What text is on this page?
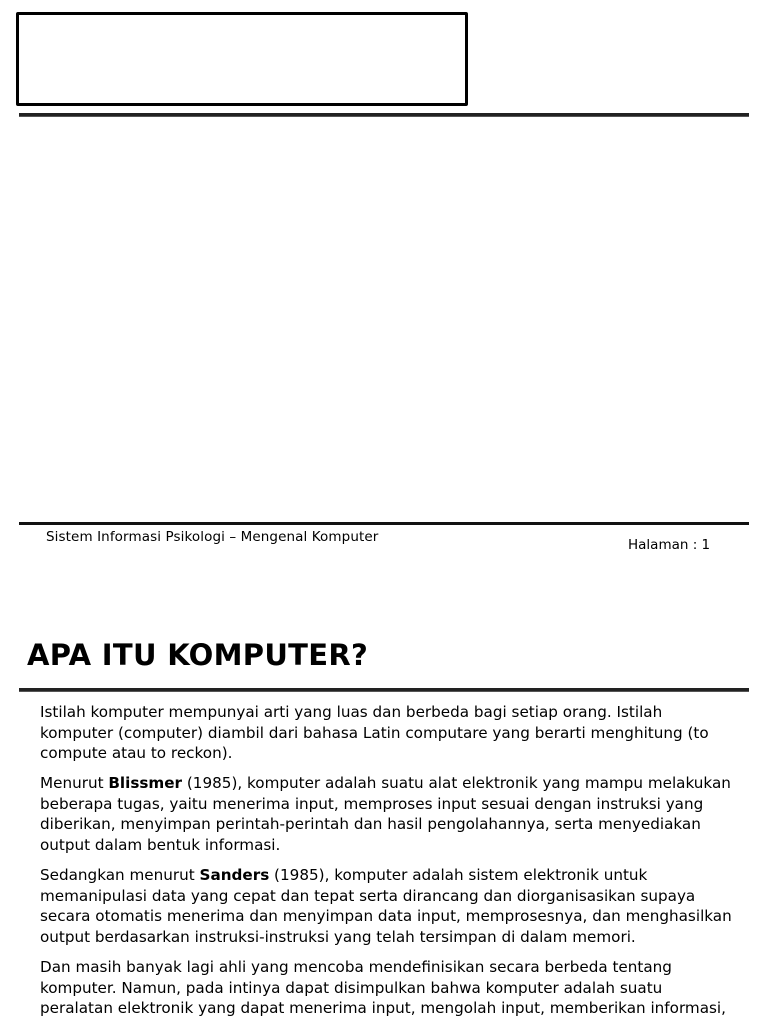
Sistem Informasi Psikologi – Mengenal Komputer	Halaman : 1
APA ITU KOMPUTER?

Istilah komputer mempunyai arti yang luas dan berbeda bagi setiap orang. Istilah komputer (computer) diambil dari bahasa Latin computare yang berarti menghitung (to compute atau to reckon).

Menurut Blissmer (1985), komputer adalah suatu alat elektronik yang mampu melakukan beberapa tugas, yaitu menerima input, memproses input sesuai dengan instruksi yang diberikan, menyimpan perintah-perintah dan hasil pengolahannya, serta menyediakan output dalam bentuk informasi.

Sedangkan menurut Sanders (1985), komputer adalah sistem elektronik untuk memanipulasi data yang cepat dan tepat serta dirancang dan diorganisasikan supaya secara otomatis menerima dan menyimpan data input, memprosesnya, dan menghasilkan output berdasarkan instruksi-instruksi yang telah tersimpan di dalam memori.

Dan masih banyak lagi ahli yang mencoba mendefinisikan secara berbeda tentang komputer. Namun, pada intinya dapat disimpulkan bahwa komputer adalah suatu peralatan elektronik yang dapat menerima input, mengolah input, memberikan informasi,
